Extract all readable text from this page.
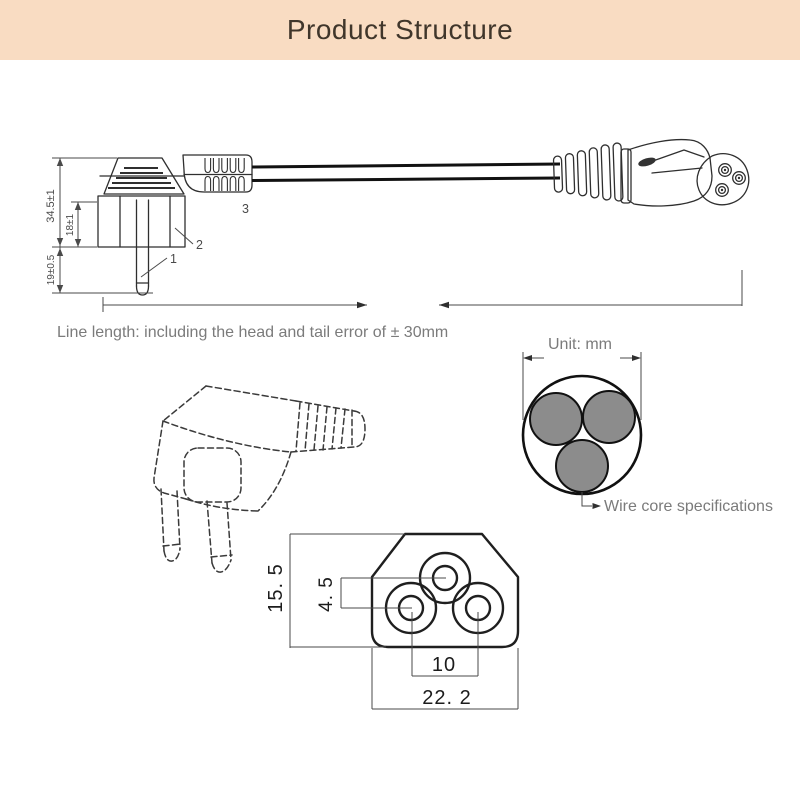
Product Structure
34.5±1
18±1
19±0.5	1
2
3
Line length: including the head and tail error of ± 30mm
Unit: mm
Wire core specifications
15. 5 4. 5
10
22. 2
